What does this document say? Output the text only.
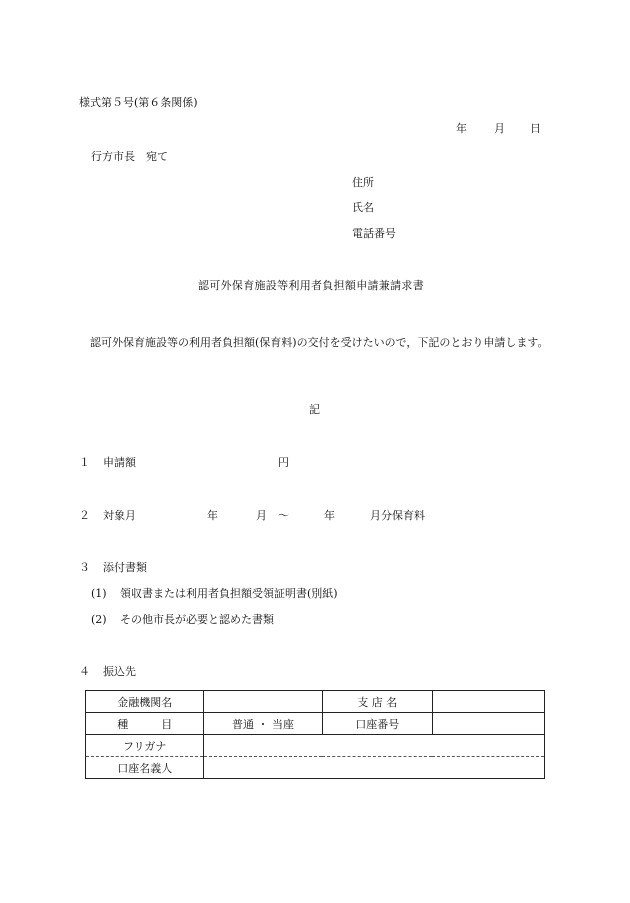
様式第５号(第６条関係)
年 月 日
行方市長　宛て
住所
氏名
電話番号
認可外保育施設等利用者負担額申請兼請求書
認可外保育施設等の利用者負担額(保育料)の交付を受けたいので，下記のとおり申請します。
記
１ 申請額	円
２ 対象月	年	月 ～	年	月分保育料
３ 添付書類
(1) 領収書または利用者負担額受領証明書(別紙)
(2) その他市長が必要と認めた書類
４ 振込先
金融機関名		支 店 名	
種　　　目	普通 ・ 当座	口座番号	
フリガナ			
口座名義人			
